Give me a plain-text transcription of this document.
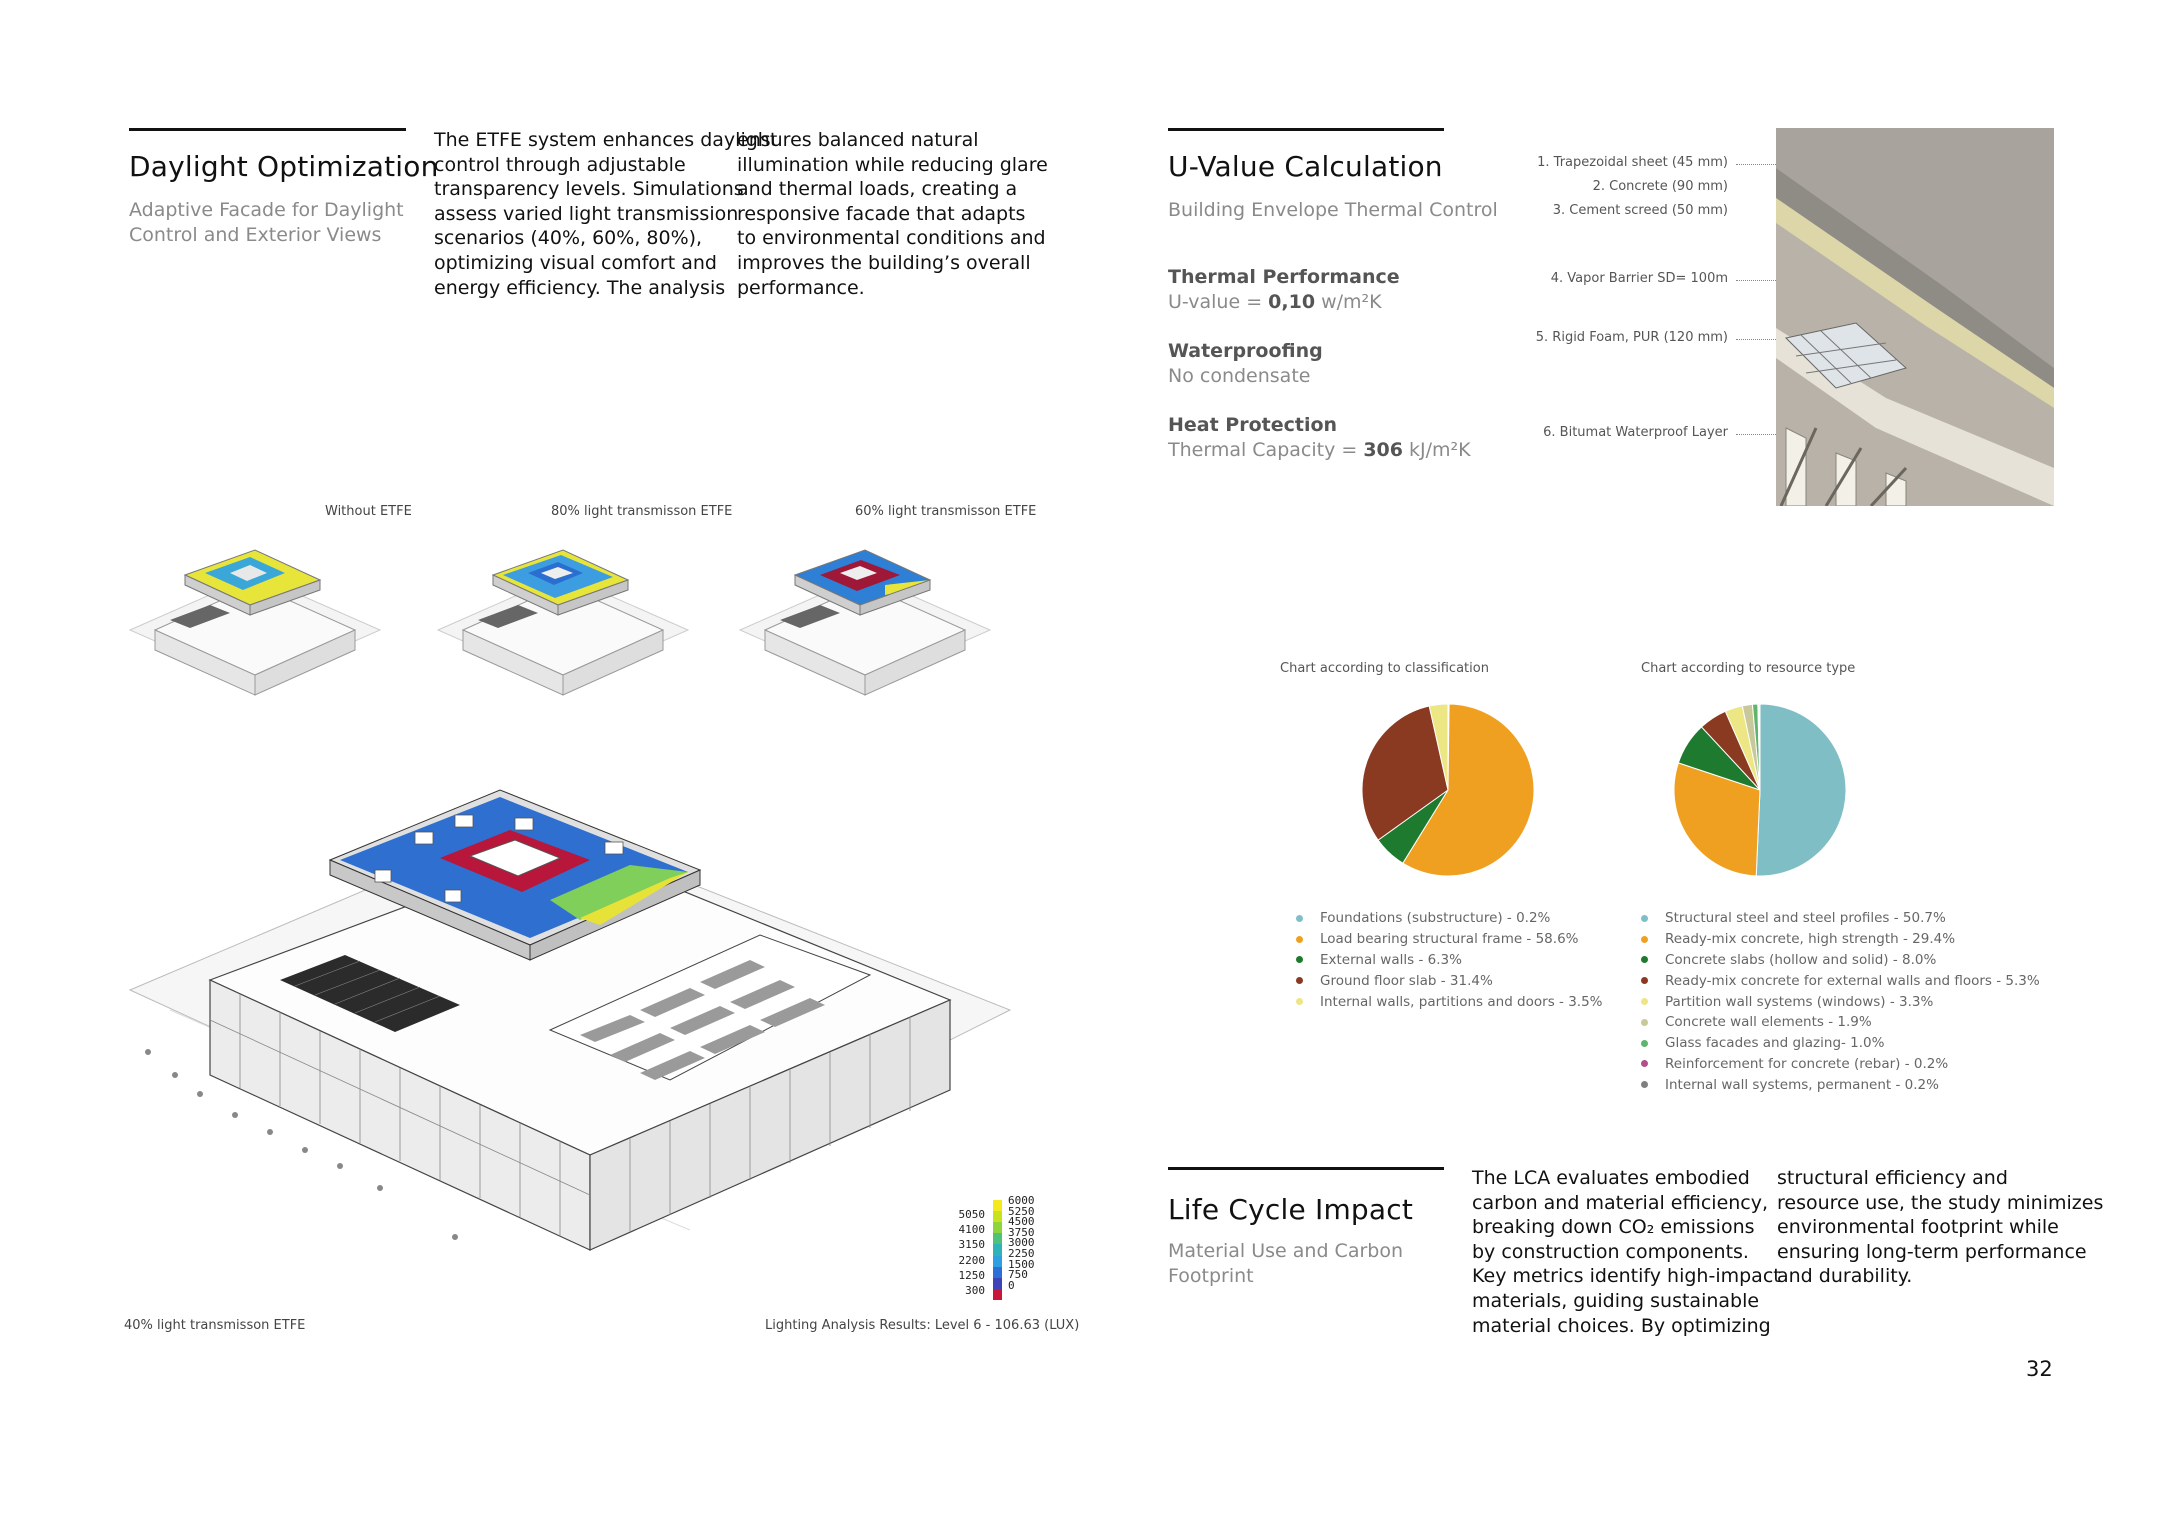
Daylight Optimization
Adaptive Facade for Daylight
Control and Exterior Views
The ETFE system enhances daylight
control through adjustable
transparency levels. Simulations
assess varied light transmission
scenarios (40%, 60%, 80%),
optimizing visual comfort and
energy efficiency. The analysis
ensures balanced natural
illumination while reducing glare
and thermal loads, creating a
responsive facade that adapts
to environmental conditions and
improves the building’s overall
performance.
Without ETFE	80% light transmisson ETFE	60% light transmisson ETFE
5050
4100
3150
2200
1250
300
6000
5250
4500
3750
3000
2250
1500
750
0
40% light transmisson ETFE	Lighting Analysis Results: Level 6 - 106.63 (LUX)
U-Value Calculation
Building Envelope Thermal Control
Thermal Performance
U-value = 0,10 w/m²K
Waterproofing
No condensate
Heat Protection
Thermal Capacity = 306 kJ/m²K
1. Trapezoidal sheet (45 mm)
2. Concrete (90 mm)
3. Cement screed (50 mm)
4. Vapor Barrier SD= 100m
5. Rigid Foam, PUR (120 mm)
6. Bitumat Waterproof Layer
Chart according to classification	Chart according to resource type
Foundations (substructure) - 0.2%
Load bearing structural frame - 58.6%
External walls - 6.3%
Ground floor slab - 31.4%
Internal walls, partitions and doors - 3.5%
Structural steel and steel profiles - 50.7%
Ready-mix concrete, high strength - 29.4%
Concrete slabs (hollow and solid) - 8.0%
Ready-mix concrete for external walls and floors - 5.3%
Partition wall systems (windows) - 3.3%
Concrete wall elements - 1.9%
Glass facades and glazing- 1.0%
Reinforcement for concrete (rebar) - 0.2%
Internal wall systems, permanent - 0.2%
Life Cycle Impact
Material Use and Carbon
Footprint
The LCA evaluates embodied
carbon and material efficiency,
breaking down CO₂ emissions
by construction components.
Key metrics identify high-impact
materials, guiding sustainable
material choices. By optimizing
structural efficiency and
resource use, the study minimizes
environmental footprint while
ensuring long-term performance
and durability.
32
